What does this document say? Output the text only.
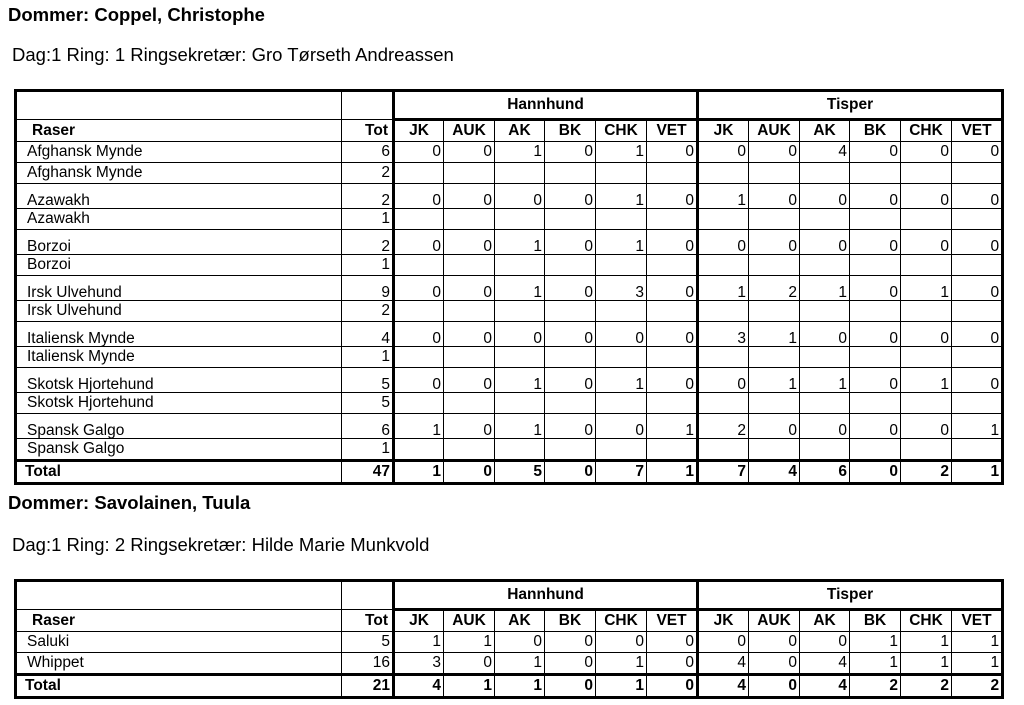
Dommer: Coppel, Christophe
Dag:1 Ring: 1 Ringsekretær: Gro Tørseth Andreassen
		Hannhund						Tisper					
Raser	Tot	JK	AUK	AK	BK	CHK	VET	JK	AUK	AK	BK	CHK	VET
Afghansk Mynde	6	0	0	1	0	1	0	0	0	4	0	0	0
Afghansk Mynde	2												
Azawakh	2	0	0	0	0	1	0	1	0	0	0	0	0
Azawakh	1												
Borzoi	2	0	0	1	0	1	0	0	0	0	0	0	0
Borzoi	1												
Irsk Ulvehund	9	0	0	1	0	3	0	1	2	1	0	1	0
Irsk Ulvehund	2												
Italiensk Mynde	4	0	0	0	0	0	0	3	1	0	0	0	0
Italiensk Mynde	1												
Skotsk Hjortehund	5	0	0	1	0	1	0	0	1	1	0	1	0
Skotsk Hjortehund	5												
Spansk Galgo	6	1	0	1	0	0	1	2	0	0	0	0	1
Spansk Galgo	1												
Total	47	1	0	5	0	7	1	7	4	6	0	2	1
Dommer: Savolainen, Tuula
Dag:1 Ring: 2 Ringsekretær: Hilde Marie Munkvold
		Hannhund						Tisper					
Raser	Tot	JK	AUK	AK	BK	CHK	VET	JK	AUK	AK	BK	CHK	VET
Saluki	5	1	1	0	0	0	0	0	0	0	1	1	1
Whippet	16	3	0	1	0	1	0	4	0	4	1	1	1
Total	21	4	1	1	0	1	0	4	0	4	2	2	2
